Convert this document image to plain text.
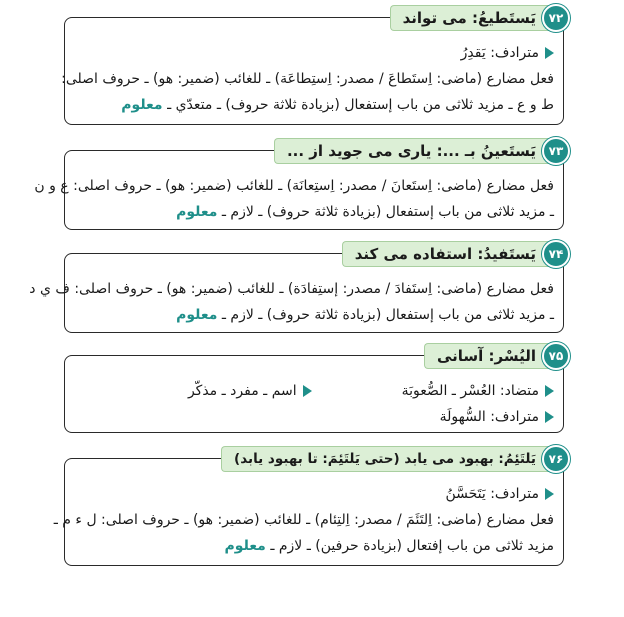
۷۲
يَستَطيعُ: می تواند
مترادف: يَقدِرُ
فعل مضارع (ماضى: اِستَطاعَ / مصدر: اِستِطاعَة) ـ للغائب (ضمير: هو) ـ حروف اصلى:
ط و ع ـ مزيد ثلاثى من باب إستفعال (بزيادة ثلاثة حروف) ـ متعدّي ـ معلوم
۷۳
يَستَعينُ بـ ...: يارى مى جويد از ...
فعل مضارع (ماضى: اِستَعانَ / مصدر: اِستِعانَة) ـ للغائب (ضمير: هو) ـ حروف اصلى: ع و ن
ـ مزيد ثلاثى من باب إستفعال (بزيادة ثلاثة حروف) ـ لازم ـ معلوم
۷۴
يَستَفيدُ: استفاده مى كند
فعل مضارع (ماضى: اِستَفادَ / مصدر: إستِفادَة) ـ للغائب (ضمير: هو) ـ حروف اصلى: ف ي د
ـ مزيد ثلاثى من باب إستفعال (بزيادة ثلاثة حروف) ـ لازم ـ معلوم
۷۵
اليُسْر: آسانى
متضاد: العُسْر ـ الصُّعوبَة
اسم ـ مفرد ـ مذكّر
مترادف: السُّهولَة
۷۶
يَلتَئِمُ: بهبود مى يابد (حتى يَلتَئِمَ: تا بهبود يابد)
مترادف: يَتَحَسَّنُ
فعل مضارع (ماضى: اِلتَئَمَ / مصدر: اِلتِئام) ـ للغائب (ضمير: هو) ـ حروف اصلى: ل ء م ـ
مزيد ثلاثى من باب إفتعال (بزيادة حرفين) ـ لازم ـ معلوم
